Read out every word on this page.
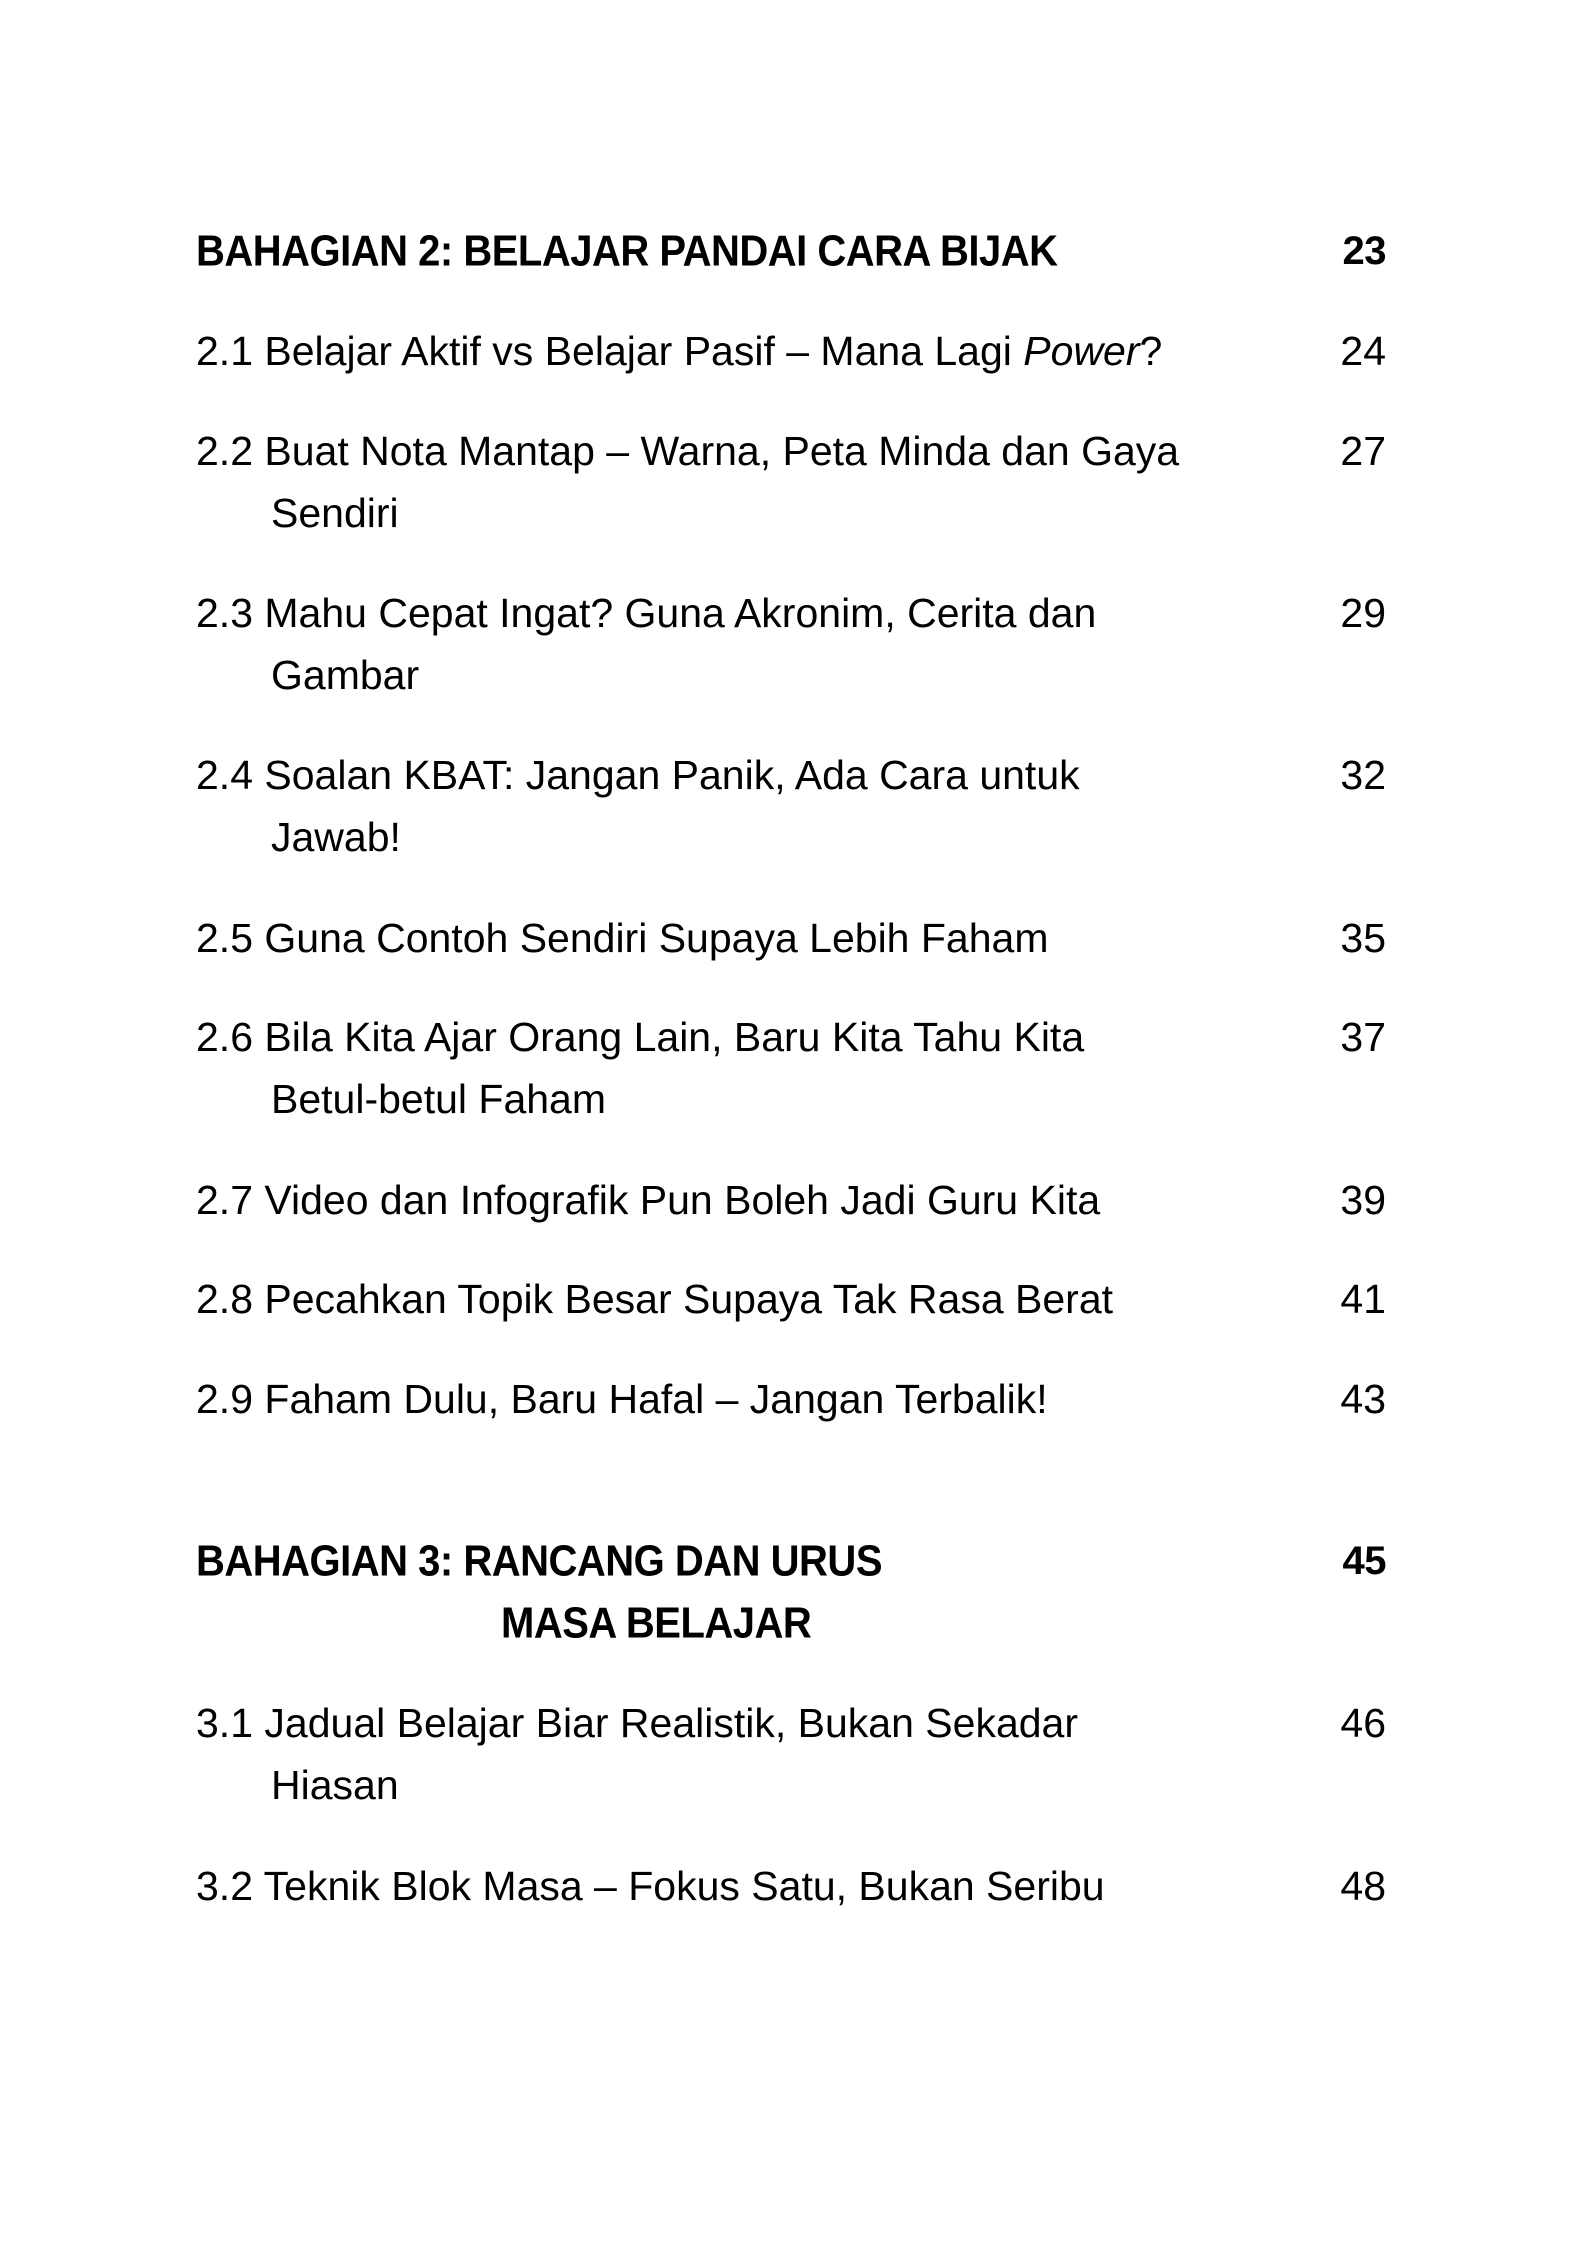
BAHAGIAN 2: BELAJAR PANDAI CARA BIJAK	23
2.1 Belajar Aktif vs Belajar Pasif – Mana Lagi Power?	24
2.2 Buat Nota Mantap – Warna, Peta Minda dan Gaya	27
Sendiri
2.3 Mahu Cepat Ingat? Guna Akronim, Cerita dan	29
Gambar
2.4 Soalan KBAT: Jangan Panik, Ada Cara untuk	32
Jawab!
2.5 Guna Contoh Sendiri Supaya Lebih Faham	35
2.6 Bila Kita Ajar Orang Lain, Baru Kita Tahu Kita	37
Betul-betul Faham
2.7 Video dan Infografik Pun Boleh Jadi Guru Kita	39
2.8 Pecahkan Topik Besar Supaya Tak Rasa Berat	41
2.9 Faham Dulu, Baru Hafal – Jangan Terbalik!	43
BAHAGIAN 3: RANCANG DAN URUS	45
MASA BELAJAR
3.1 Jadual Belajar Biar Realistik, Bukan Sekadar	46
Hiasan
3.2 Teknik Blok Masa – Fokus Satu, Bukan Seribu	48
